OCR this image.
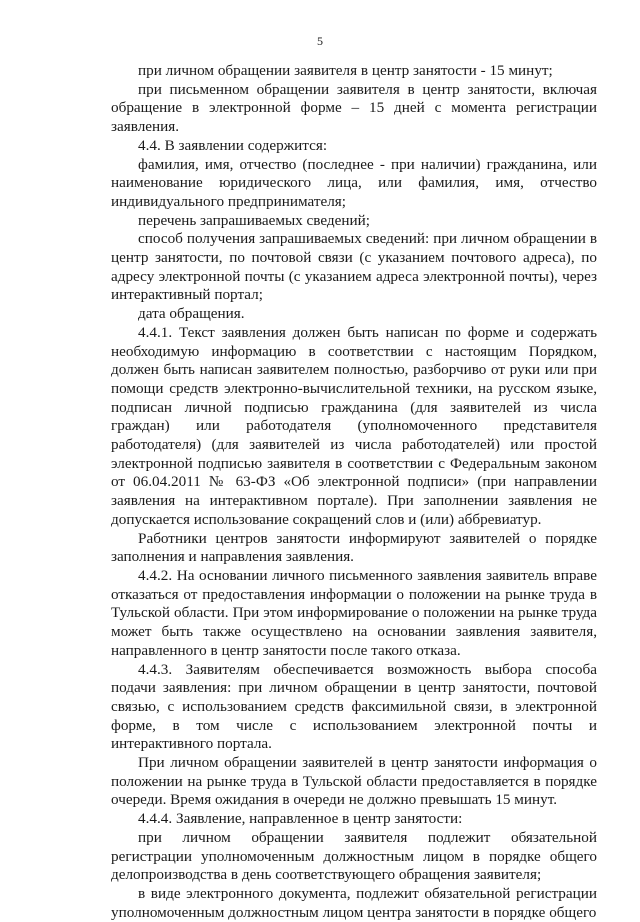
5

при личном обращении заявителя в центр занятости - 15 минут;

при письменном обращении заявителя в центр занятости, включая обращение в электронной форме – 15 дней с момента регистрации заявления.

4.4. В заявлении содержится:

фамилия, имя, отчество (последнее - при наличии) гражданина, или наименование юридического лица, или фамилия, имя, отчество индивидуального предпринимателя;

перечень запрашиваемых сведений;

способ получения запрашиваемых сведений: при личном обращении в центр занятости, по почтовой связи (с указанием почтового адреса), по адресу электронной почты (с указанием адреса электронной почты), через интерактивный портал;

дата обращения.

4.4.1. Текст заявления должен быть написан по форме и содержать необходимую информацию в соответствии с настоящим Порядком, должен быть написан заявителем полностью, разборчиво от руки или при помощи средств электронно-вычислительной техники, на русском языке, подписан личной подписью гражданина (для заявителей из числа граждан) или работодателя (уполномоченного представителя работодателя) (для заявителей из числа работодателей) или простой электронной подписью заявителя в соответствии с Федеральным законом от 06.04.2011 № 63-ФЗ «Об электронной подписи» (при направлении заявления на интерактивном портале). При заполнении заявления не допускается использование сокращений слов и (или) аббревиатур.

Работники центров занятости информируют заявителей о порядке заполнения и направления заявления.

4.4.2. На основании личного письменного заявления заявитель вправе отказаться от предоставления информации о положении на рынке труда в Тульской области. При этом информирование о положении на рынке труда может быть также осуществлено на основании заявления заявителя, направленного в центр занятости после такого отказа.

4.4.3. Заявителям обеспечивается возможность выбора способа подачи заявления: при личном обращении в центр занятости, почтовой связью, с использованием средств факсимильной связи, в электронной форме, в том числе с использованием электронной почты и интерактивного портала.

При личном обращении заявителей в центр занятости информация о положении на рынке труда в Тульской области предоставляется в порядке очереди. Время ожидания в очереди не должно превышать 15 минут.

4.4.4. Заявление, направленное в центр занятости:

при личном обращении заявителя подлежит обязательной регистрации уполномоченным должностным лицом в порядке общего делопроизводства в день соответствующего обращения заявителя;

в виде электронного документа, подлежит обязательной регистрации уполномоченным должностным лицом центра занятости в порядке общего
